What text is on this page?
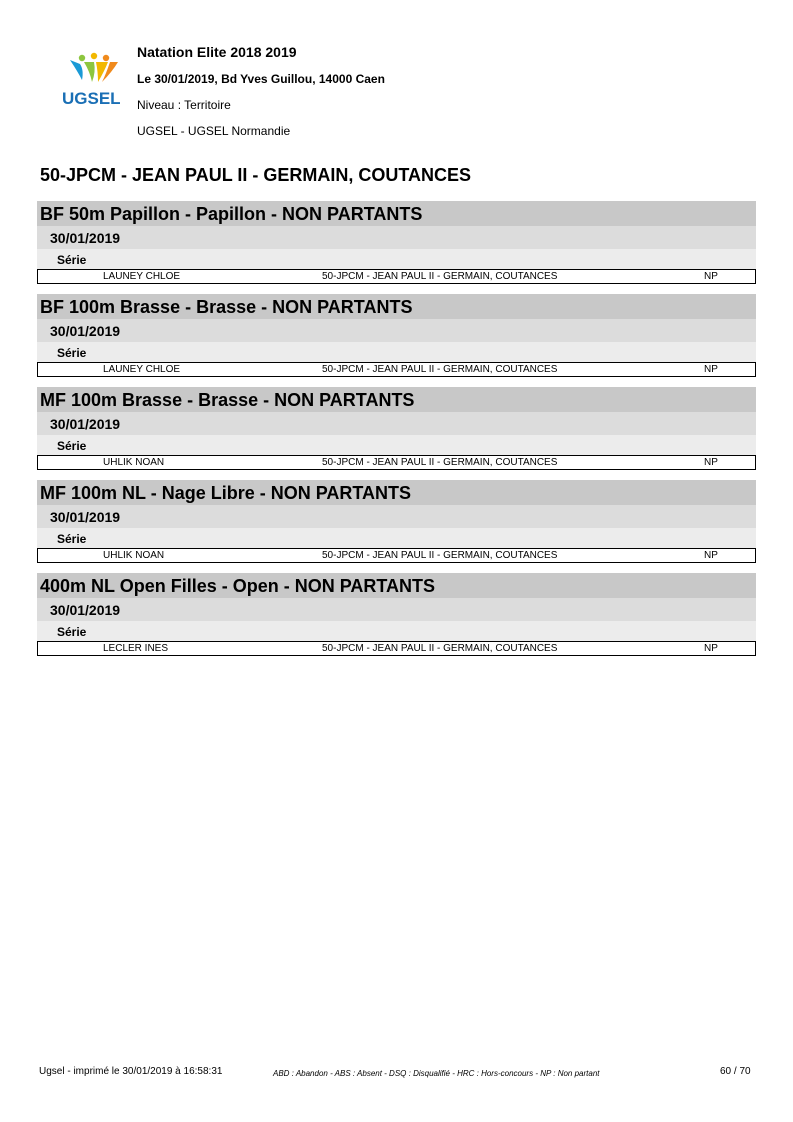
UGSEL
Natation Elite 2018 2019
Le 30/01/2019, Bd Yves Guillou, 14000 Caen
Niveau : Territoire
UGSEL - UGSEL Normandie
50-JPCM - JEAN PAUL II - GERMAIN, COUTANCES
BF 50m Papillon - Papillon - NON PARTANTS
30/01/2019
Série
LAUNEY CHLOE	50-JPCM - JEAN PAUL II - GERMAIN, COUTANCES	NP
BF 100m Brasse - Brasse - NON PARTANTS
30/01/2019
Série
LAUNEY CHLOE	50-JPCM - JEAN PAUL II - GERMAIN, COUTANCES	NP
MF 100m Brasse - Brasse - NON PARTANTS
30/01/2019
Série
UHLIK NOAN	50-JPCM - JEAN PAUL II - GERMAIN, COUTANCES	NP
MF 100m NL - Nage Libre - NON PARTANTS
30/01/2019
Série
UHLIK NOAN	50-JPCM - JEAN PAUL II - GERMAIN, COUTANCES	NP
400m NL Open Filles - Open - NON PARTANTS
30/01/2019
Série
LECLER INES	50-JPCM - JEAN PAUL II - GERMAIN, COUTANCES	NP
Ugsel - imprimé le 30/01/2019 à 16:58:31	ABD : Abandon - ABS : Absent - DSQ : Disqualifié - HRC : Hors-concours - NP : Non partant	60 / 70
